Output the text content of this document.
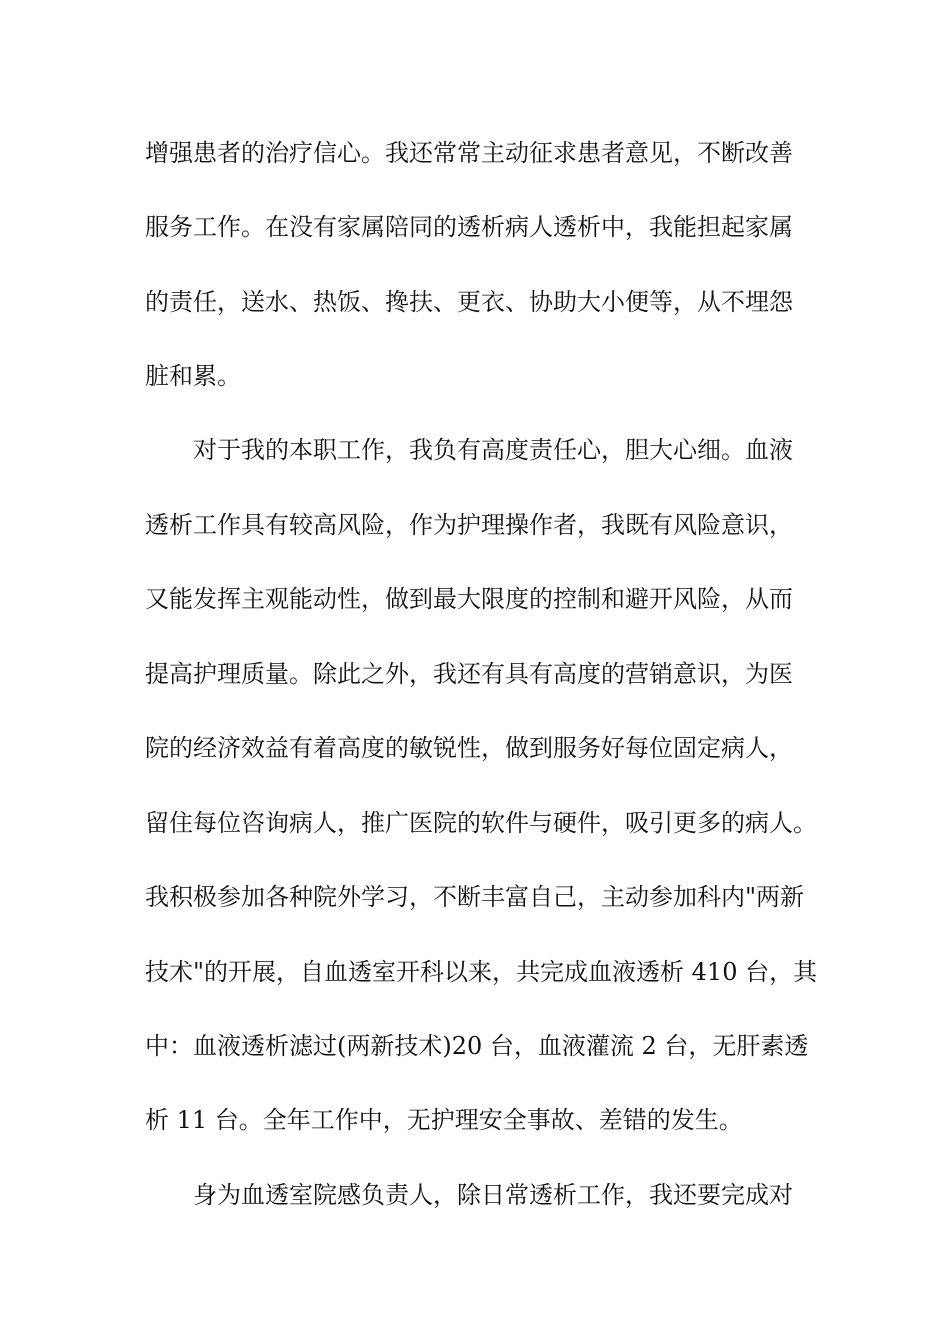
增强患者的治疗信心。我还常常主动征求患者意见，不断改善
服务工作。在没有家属陪同的透析病人透析中，我能担起家属
的责任，送水、热饭、搀扶、更衣、协助大小便等，从不埋怨
脏和累。
对于我的本职工作，我负有高度责任心，胆大心细。血液
透析工作具有较高风险，作为护理操作者，我既有风险意识，
又能发挥主观能动性，做到最大限度的控制和避开风险，从而
提高护理质量。除此之外，我还有具有高度的营销意识，为医
院的经济效益有着高度的敏锐性，做到服务好每位固定病人，
留住每位咨询病人，推广医院的软件与硬件，吸引更多的病人。
我积极参加各种院外学习，不断丰富自己，主动参加科内"两新
技术"的开展，自血透室开科以来，共完成血液透析 410 台，其
中：血液透析滤过(两新技术)20 台，血液灌流 2 台，无肝素透
析 11 台。全年工作中，无护理安全事故、差错的发生。
身为血透室院感负责人，除日常透析工作，我还要完成对
